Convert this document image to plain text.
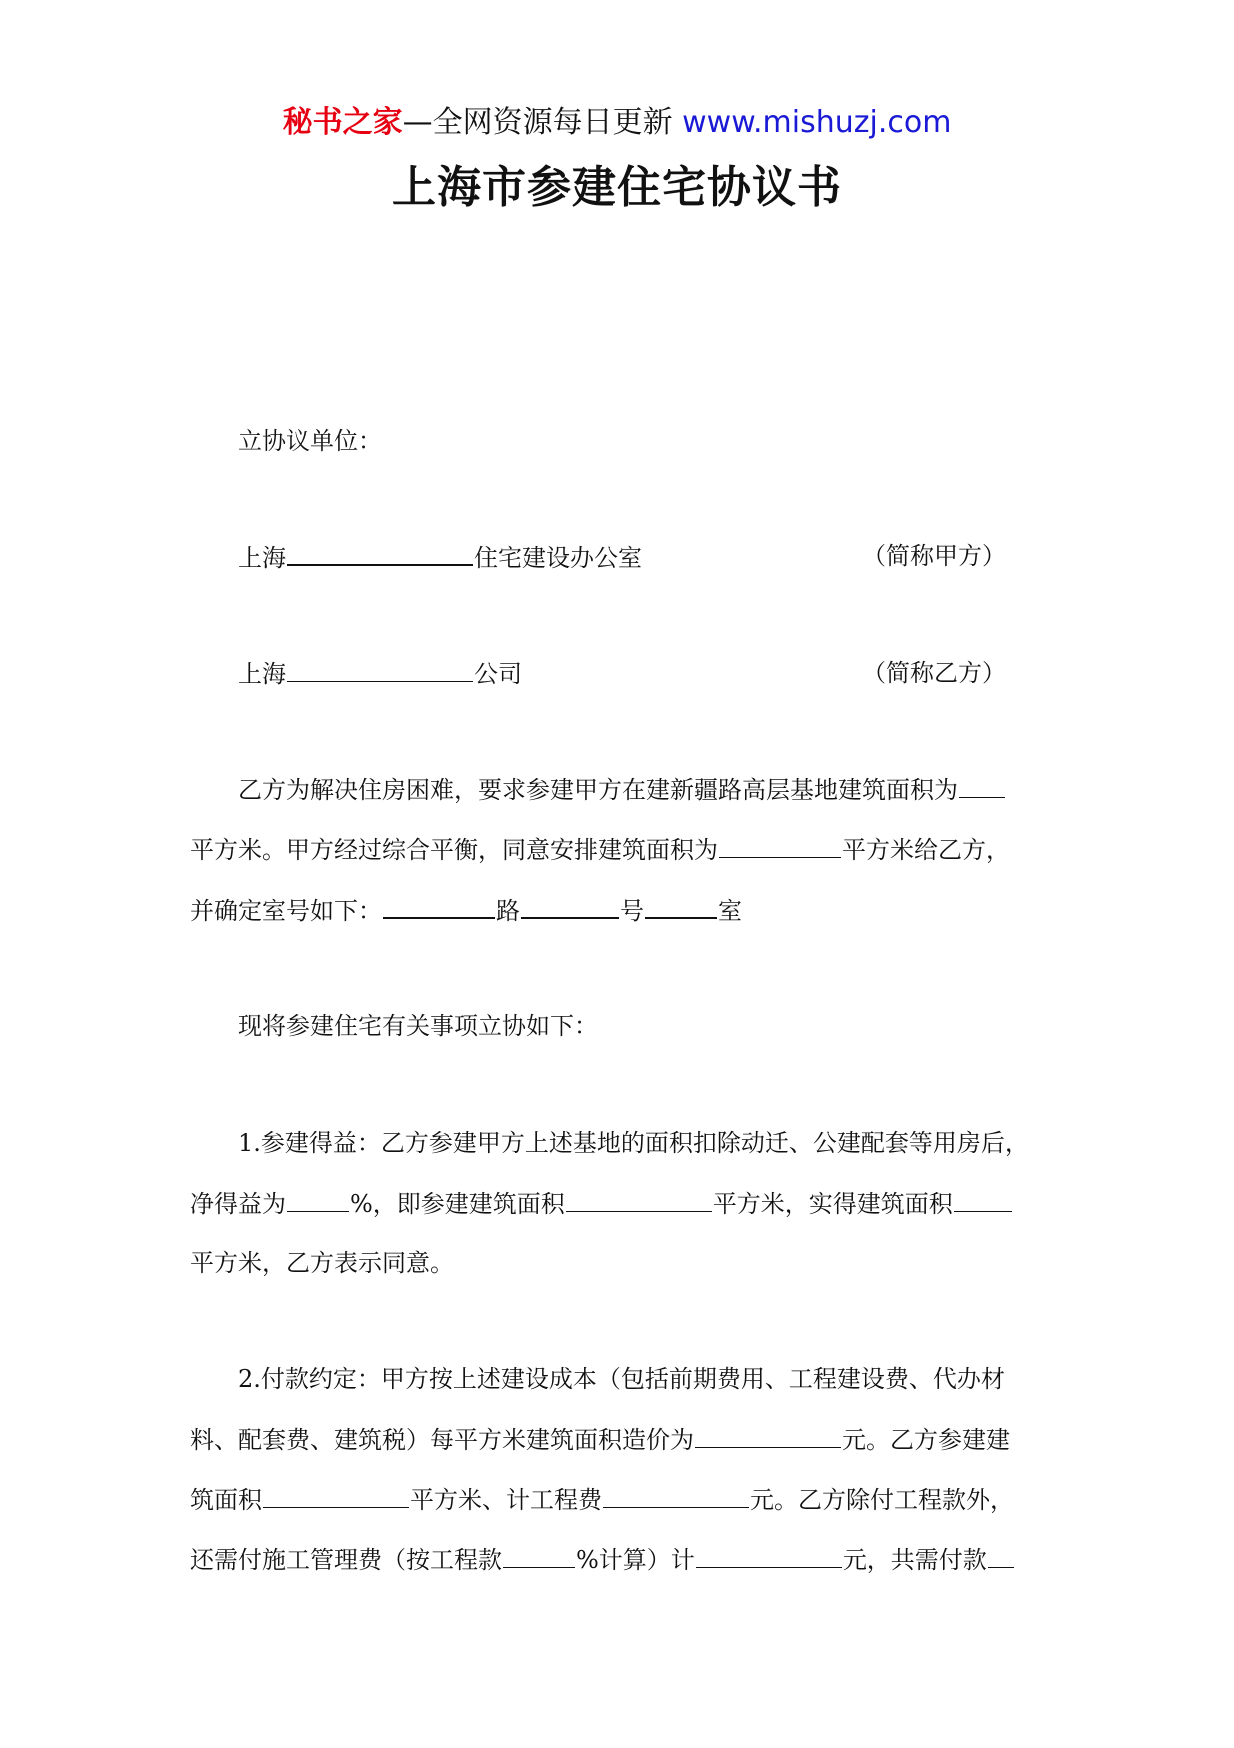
秘书之家—全网资源每日更新 www.mishuzj.com
上海市参建住宅协议书
立协议单位：
上海	住宅建设办公室	（简称甲方）
上海	公司	（简称乙方）
乙方为解决住房困难，要求参建甲方在建新疆路高层基地建筑面积为
平方米。甲方经过综合平衡，同意安排建筑面积为	平方米给乙方，
并确定室号如下：	路	号	室
现将参建住宅有关事项立协如下：
1.参建得益：乙方参建甲方上述基地的面积扣除动迁、公建配套等用房后，
净得益为	%，即参建建筑面积	平方米，实得建筑面积
平方米，乙方表示同意。
2.付款约定：甲方按上述建设成本（包括前期费用、工程建设费、代办材
料、配套费、建筑税）每平方米建筑面积造价为	元。乙方参建建
筑面积	平方米、计工程费	元。乙方除付工程款外，
还需付施工管理费（按工程款	%计算）计	元，共需付款
